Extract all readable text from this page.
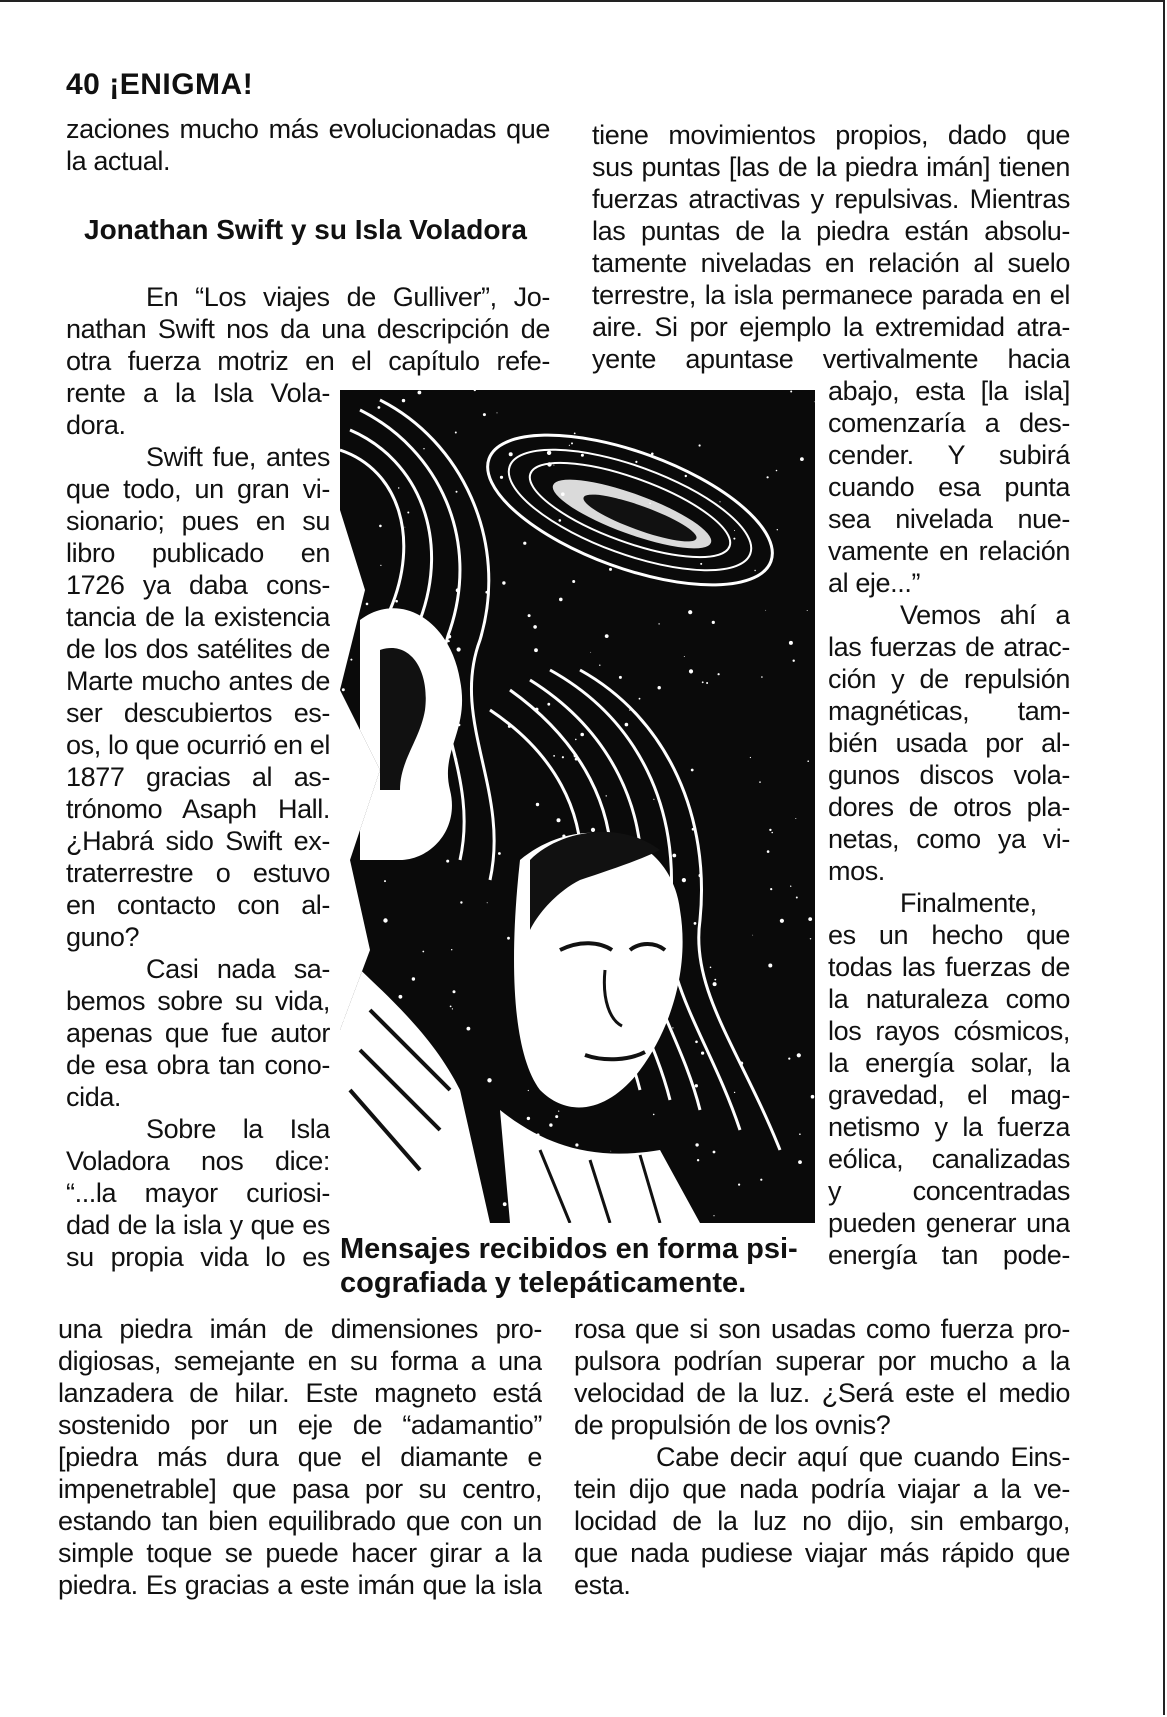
40 ¡ENIGMA!
Jonathan Swift y su Isla Voladora
Mensajes recibidos en forma psi-
cografiada y telepáticamente.
zaciones mucho más evolucionadas que
la actual.
En “Los viajes de Gulliver”, Jo-
nathan Swift nos da una descripción de
otra fuerza motriz en el capítulo refe-
rente a la Isla Vola-
dora.
Swift fue, antes
que todo, un gran vi-
sionario; pues en su
libro publicado en
1726 ya daba cons-
tancia de la existencia
de los dos satélites de
Marte mucho antes de
ser descubiertos es-
os, lo que ocurrió en el
1877 gracias al as-
trónomo Asaph Hall.
¿Habrá sido Swift ex-
traterrestre o estuvo
en contacto con al-
guno?
Casi nada sa-
bemos sobre su vida,
apenas que fue autor
de esa obra tan cono-
cida.
Sobre la Isla
Voladora nos dice:
“...la mayor curiosi-
dad de la isla y que es
su propia vida lo es
una piedra imán de dimensiones pro-
digiosas, semejante en su forma a una
lanzadera de hilar. Este magneto está
sostenido por un eje de “adamantio”
[piedra más dura que el diamante e
impenetrable] que pasa por su centro,
estando tan bien equilibrado que con un
simple toque se puede hacer girar a la
piedra. Es gracias a este imán que la isla
tiene movimientos propios, dado que
sus puntas [las de la piedra imán] tienen
fuerzas atractivas y repulsivas. Mientras
las puntas de la piedra están absolu-
tamente niveladas en relación al suelo
terrestre, la isla permanece parada en el
aire. Si por ejemplo la extremidad atra-
yente apuntase vertivalmente hacia
abajo, esta [la isla]
comenzaría a des-
cender. Y subirá
cuando esa punta
sea nivelada nue-
vamente en relación
al eje...”
Vemos ahí a
las fuerzas de atrac-
ción y de repulsión
magnéticas, tam-
bién usada por al-
gunos discos vola-
dores de otros pla-
netas, como ya vi-
mos.
Finalmente,
es un hecho que
todas las fuerzas de
la naturaleza como
los rayos cósmicos,
la energía solar, la
gravedad, el mag-
netismo y la fuerza
eólica, canalizadas
y concentradas
pueden generar una
energía tan pode-
rosa que si son usadas como fuerza pro-
pulsora podrían superar por mucho a la
velocidad de la luz. ¿Será este el medio
de propulsión de los ovnis?
Cabe decir aquí que cuando Eins-
tein dijo que nada podría viajar a la ve-
locidad de la luz no dijo, sin embargo,
que nada pudiese viajar más rápido que
esta.
